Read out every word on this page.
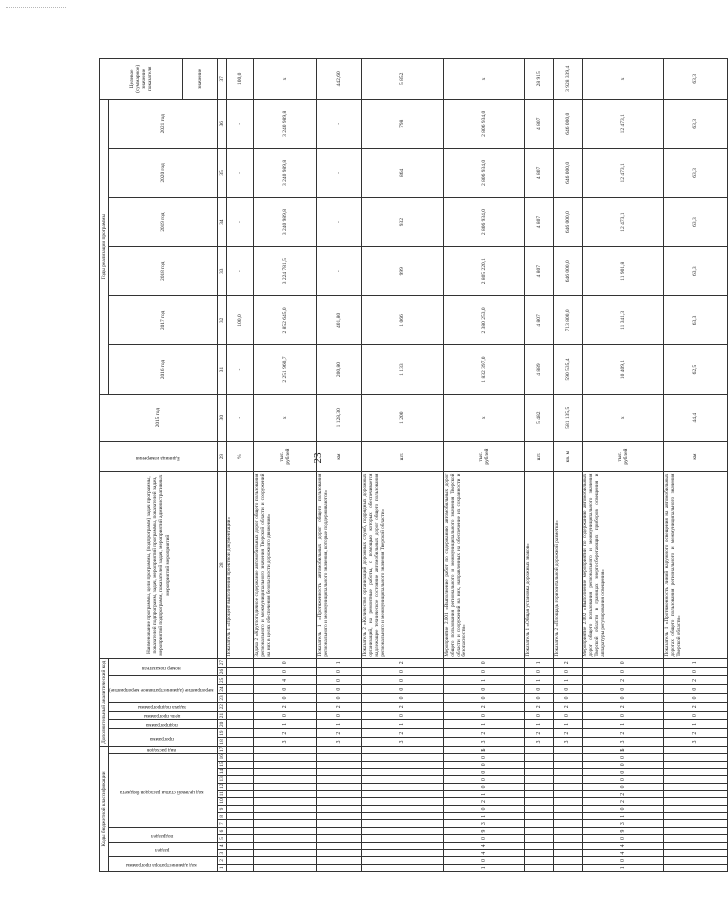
23
Коды бюджетной классификации																	Дополнительный аналитический код										Наименование программы, цели программы, (подпрограмм) задач программы, показателей подпрограмм, задач, мероприятий программы, показателей задач, мероприятий подпрограмм, показателей задач, мероприятий административных мероприятий мероприятий	Единица измерения	2015 год	Годы реализации программы						Целевое (суммарное) значение показателя
код администратора программы		раздел		подраздел		код целевой статьи расходов бюджета										вид расходов	программа		подпрограмма	цель программы	задача подпрограммы	мероприятие (административное мероприятие)			номер показателя					2016 год	2017 год	2018 год	2019 год	2020 год	2021 год	
																																				значение
1	2	3	4	5	6	7	8	9	10	11	12	13	14	15	16	17	18	19	20	21	22	23	24	25	26	27	28	29	30	31	32	33	34	35	36	37
																											Показатель 1 «Процент выполнения проектной документации»	%	-	-	100,0	-	-	-	-	100,0
																	3	2	1	0	2	0	0	4	0	0	Задача 2 «Круглогодичное содержание автомобильных дорог общего пользования регионального и межмуниципального значения Тверской области и сооружений на них в целях обеспечения безопасности дорожного движения»	тыс. рублей	х	2 251 960,7	2 852 645,0	3 224 781,5	3 240 989,8	3 240 989,8	3 240 989,8	х
																	3	2	1	0	2	0	0	0	0	1	Показатель 1 «Протяженность автомобильных дорог общего пользования регионального и межмуниципального значения, которые поддерживаются»	км	1 128,30	200,80	401,80	-	-	-	-	442,60
																	3	2	1	0	2	0	0	0	0	2	Показатель 2 «Количество организаций дорожных служб, подрядных дорожных организаций, на ремонтные работы, с помощью которых обеспечивается надлежащее техническое состояние автомобильных дорог общего пользования регионального и межмуниципального значения Тверской области»	шт.	1 200	1 133	1 066	999	932	864	798	5 852
1	0	4	4	0	9	3	1	0	2	1	0	0	0	0	0	Б	3	2	1	0	2	0	0	1	0	0	Мероприятие 2.001 «Выполнение работ по содержанию автомобильных дорог общего пользования регионального и межмуниципального значения Тверской области и сооружений на них, направленных на обеспечение их сохранности и безопасности»	тыс. рублей	х	1 832 397,0	2 380 253,0	2 805 220,1	2 806 934,0	2 806 934,0	2 806 934,0	х
																	3	2	1	0	2	0	0	1	0	1	Показатель 1 «Общая установка дорожных знаков»	шт.	5 482	4 889	4 807	4 807	4 807	4 807	4 807	28 915
																	3	2	1	0	2	0	0	1	0	2	Показатель 2 «Площадь горизонтальной дорожной разметки»	кв. м	581 135,5	590 535,4	713 800,0	646 000,0	646 000,0	646 000,0	646 000,0	3 928 339,4
1	0	4	4	0	9	3	1	0	2	2	0	0	0	0	0	Б	3	2	1	0	2	0	0	2	0	0	Мероприятие 2.002 «Выполнение мероприятий по содержанию автомобильных дорог общего пользования регионального и межмуниципального значения Тверской области в границах энергосберегающих приборов освещения и аппаратуры регулирования освещения»	тыс. рублей	х	10 409,1	11 341,3	11 901,8	12 473,1	12 473,1	12 473,1	х
																	3	2	1	0	2	0	0	2	0	1	Показатель 1 «Протяженность линий наружного освещения на автомобильных дорогах общего пользования регионального и межмуниципального значения Тверской области»	км	44,4	62,5	63,3	63,3	63,3	63,3	63,3	63,3
